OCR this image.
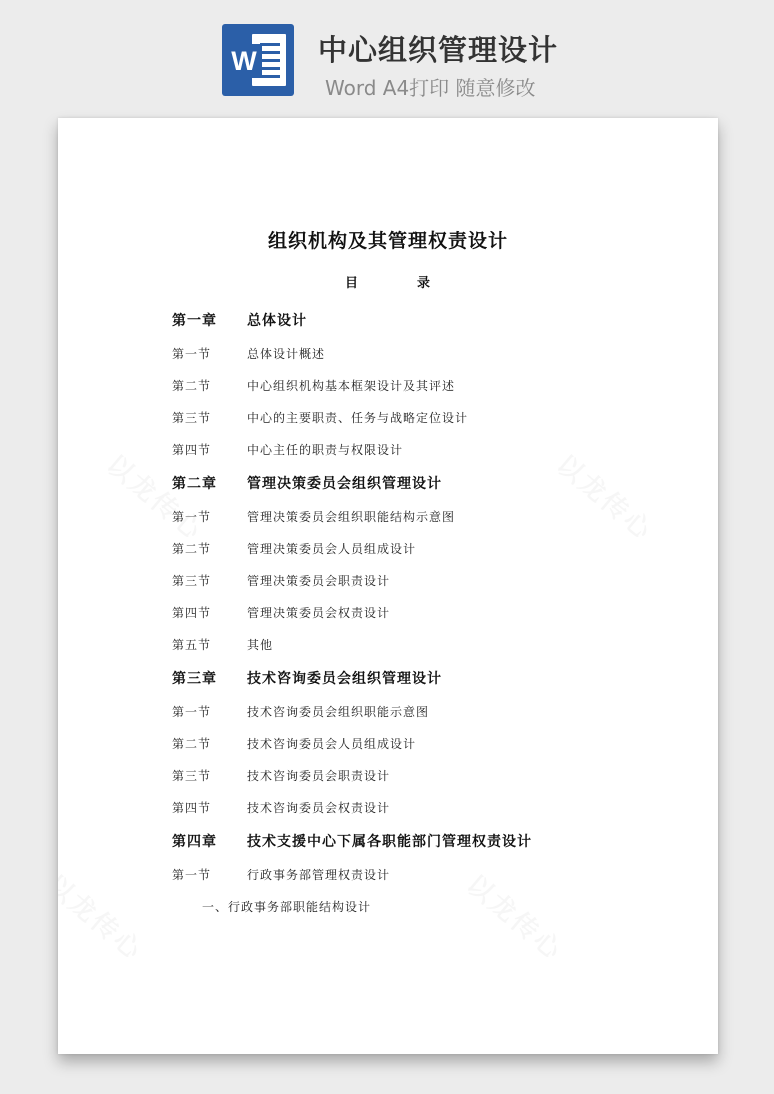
W 中心组织管理设计
Word A4打印 随意修改
组织机构及其管理权责设计
目	录
第一章	总体设计
第一节	总体设计概述
第二节	中心组织机构基本框架设计及其评述
第三节	中心的主要职责、任务与战略定位设计
第四节	中心主任的职责与权限设计
第二章	管理决策委员会组织管理设计
第一节	管理决策委员会组织职能结构示意图
第二节	管理决策委员会人员组成设计
第三节	管理决策委员会职责设计
第四节	管理决策委员会权责设计
第五节	其他
第三章	技术咨询委员会组织管理设计
第一节	技术咨询委员会组织职能示意图
第二节	技术咨询委员会人员组成设计
第三节	技术咨询委员会职责设计
第四节	技术咨询委员会权责设计
第四章	技术支援中心下属各职能部门管理权责设计
第一节	行政事务部管理权责设计
一、行政事务部职能结构设计
